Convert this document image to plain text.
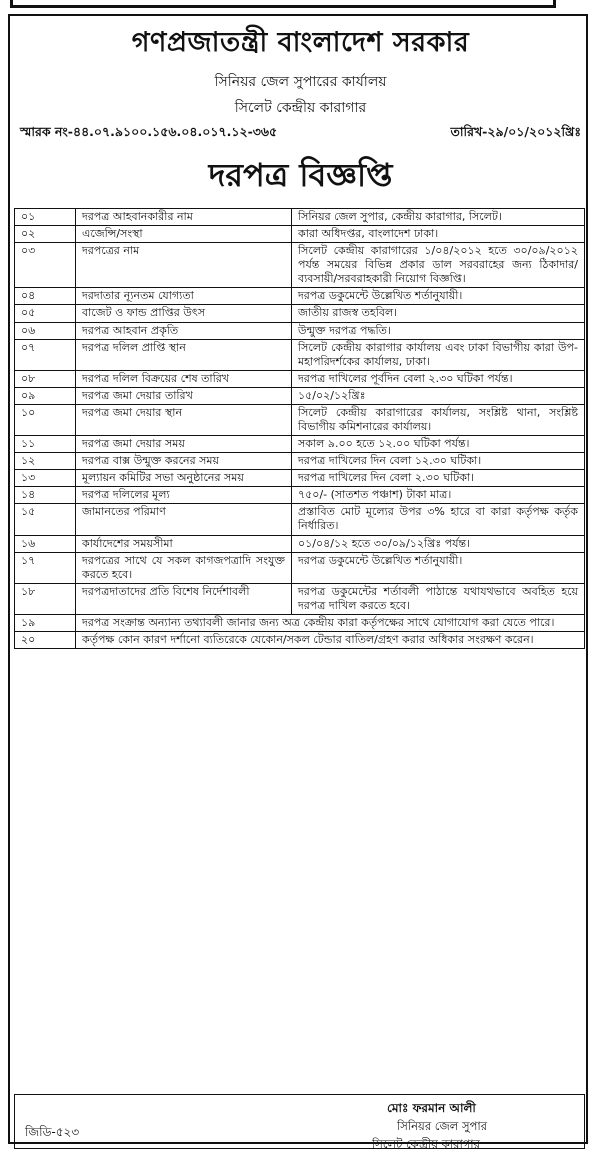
গণপ্রজাতন্ত্রী বাংলাদেশ সরকার
সিনিয়র জেল সুপারের কার্যালয়
সিলেট কেন্দ্রীয় কারাগার
স্মারক নং-৪৪.০৭.৯১০০.১৫৬.০৪.০১৭.১২-৩৬৫	তারিখ-২৯/০১/২০১২খ্রিঃ
দরপত্র বিজ্ঞপ্তি
০১	দরপত্র আহবানকারীর নাম	সিনিয়র জেল সুপার, কেন্দ্রীয় কারাগার, সিলেট।
০২	এজেন্সি/সংস্থা	কারা অধিদপ্তর, বাংলাদেশ ঢাকা।
০৩	দরপত্রের নাম	সিলেট কেন্দ্রীয় কারাগারের ১/০৪/২০১২ হতে ৩০/০৯/২০১২ পর্যন্ত সময়ের বিভিন্ন প্রকার ডাল সরবরাহের জন্য ঠিকাদার/ব্যবসায়ী/সরবরাহকারী নিয়োগ বিজ্ঞপ্তি।
০৪	দরদাতার ন্যূনতম যোগ্যতা	দরপত্র ডকুমেন্টে উল্লেখিত শর্তানুযায়ী।
০৫	বাজেট ও ফান্ড প্রাপ্তির উৎস	জাতীয় রাজস্ব তহবিল।
০৬	দরপত্র আহবান প্রকৃতি	উন্মুক্ত দরপত্র পদ্ধতি।
০৭	দরপত্র দলিল প্রাপ্তি স্থান	সিলেট কেন্দ্রীয় কারাগার কার্যালয় এবং ঢাকা বিভাগীয় কারা উপ-মহাপরিদর্শকের কার্যালয়, ঢাকা।
০৮	দরপত্র দলিল বিক্রয়ের শেষ তারিখ	দরপত্র দাখিলের পূর্বদিন বেলা ২.৩০ ঘটিকা পর্যন্ত।
০৯	দরপত্র জমা দেয়ার তারিখ	১৫/০২/১২খ্রিঃ
১০	দরপত্র জমা দেয়ার স্থান	সিলেট কেন্দ্রীয় কারাগারের কার্যালয়, সংশ্লিষ্ট থানা, সংশ্লিষ্ট বিভাগীয় কমিশনারের কার্যালয়।
১১	দরপত্র জমা দেয়ার সময়	সকাল ৯.০০ হতে ১২.০০ ঘটিকা পর্যন্ত।
১২	দরপত্র বাক্স উন্মুক্ত করনের সময়	দরপত্র দাখিলের দিন বেলা ১২.৩০ ঘটিকা।
১৩	মূল্যায়ন কমিটির সভা অনুষ্ঠানের সময়	দরপত্র দাখিলের দিন বেলা ২.৩০ ঘটিকা।
১৪	দরপত্র দলিলের মূল্য	৭৫০/- (সাতশত পঞ্চাশ) টাকা মাত্র।
১৫	জামানতের পরিমাণ	প্রস্তাবিত মোট মূল্যের উপর ৩% হারে বা কারা কর্তৃপক্ষ কর্তৃক নির্ধারিত।
১৬	কার্যাদেশের সময়সীমা	০১/০৪/১২ হতে ৩০/০৯/১২খ্রিঃ পর্যন্ত।
১৭	দরপত্রের সাথে যে সকল কাগজপত্রাদি সংযুক্ত করতে হবে।	দরপত্র ডকুমেন্টে উল্লেখিত শর্তানুযায়ী।
১৮	দরপত্রদাতাদের প্রতি বিশেষ নির্দেশাবলী	দরপত্র ডকুমেন্টের শর্তাবলী পাঠান্তে যথাযথভাবে অবহিত হয়ে দরপত্র দাখিল করতে হবে।
১৯	দরপত্র সংক্রান্ত অন্যান্য তথ্যাবলী জানার জন্য অত্র কেন্দ্রীয় কারা কর্তৃপক্ষের সাথে যোগাযোগ করা যেতে পারে।	
২০	কর্তৃপক্ষ কোন কারণ দর্শানো ব্যতিরেকে যেকোন/সকল টেন্ডার বাতিল/গ্রহণ করার অধিকার সংরক্ষণ করেন।	
জিডি-৫২৩
মোঃ ফরমান আলী
সিনিয়র জেল সুপার
সিলেট কেন্দ্রীয় কারাগার
